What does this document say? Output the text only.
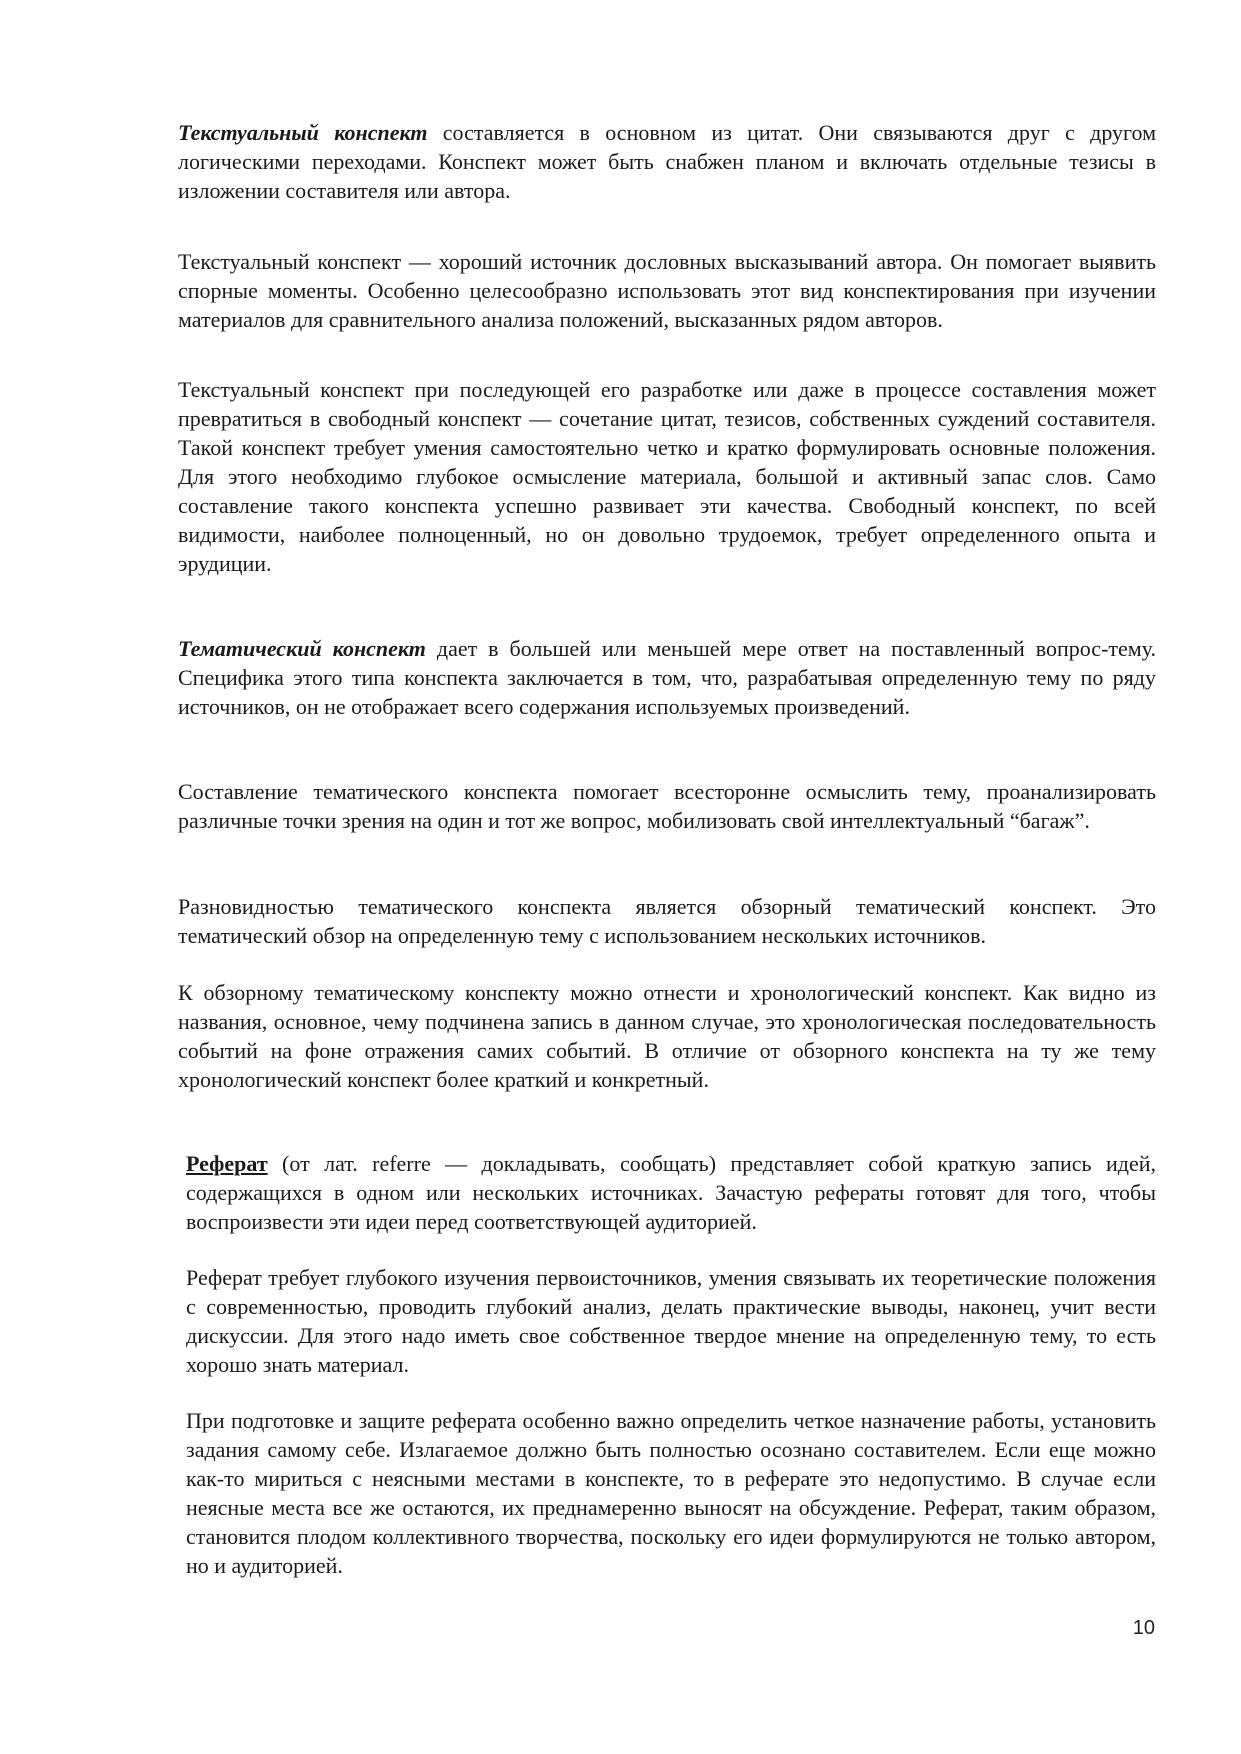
Текстуальный конспект составляется в основном из цитат. Они связываются друг с другом логическими переходами. Конспект может быть снабжен планом и включать отдельные тезисы в изложении составителя или автора.

Текстуальный конспект — хороший источник дословных высказываний автора. Он помогает выявить спорные моменты. Особенно целесообразно использовать этот вид конспектирования при изучении материалов для сравнительного анализа положений, высказанных рядом авторов.

Текстуальный конспект при последующей его разработке или даже в процессе составления может превратиться в свободный конспект — сочетание цитат, тезисов, собственных суждений составителя. Такой конспект требует умения самостоятельно четко и кратко формулировать основные положения. Для этого необходимо глубокое осмысление материала, большой и активный запас слов. Само составление такого конспекта успешно развивает эти качества. Свободный конспект, по всей видимости, наиболее полноценный, но он довольно трудоемок, требует определенного опыта и эрудиции.

Тематический конспект дает в большей или меньшей мере ответ на поставленный вопрос-тему. Специфика этого типа конспекта заключается в том, что, разрабатывая определенную тему по ряду источников, он не отображает всего содержания используемых произведений.

Составление тематического конспекта помогает всесторонне осмыслить тему, проанализировать различные точки зрения на один и тот же вопрос, мобилизовать свой интеллектуальный “багаж”.

Разновидностью тематического конспекта является обзорный тематический конспект. Это тематический обзор на определенную тему с использованием нескольких источников.

К обзорному тематическому конспекту можно отнести и хронологический конспект. Как видно из названия, основное, чему подчинена запись в данном случае, это хронологическая последовательность событий на фоне отражения самих событий. В отличие от обзорного конспекта на ту же тему хронологический конспект более краткий и конкретный.

Реферат (от лат. referre — докладывать, сообщать) представляет собой краткую запись идей, содержащихся в одном или нескольких источниках. Зачастую рефераты готовят для того, чтобы воспроизвести эти идеи перед соответствующей аудиторией.

Реферат требует глубокого изучения первоисточников, умения связывать их теоретические положения с современностью, проводить глубокий анализ, делать практические выводы, наконец, учит вести дискуссии. Для этого надо иметь свое собственное твердое мнение на определенную тему, то есть хорошо знать материал.

При подготовке и защите реферата особенно важно определить четкое назначение работы, установить задания самому себе. Излагаемое должно быть полностью осознано составителем. Если еще можно как-то мириться с неясными местами в конспекте, то в реферате это недопустимо. В случае если неясные места все же остаются, их преднамеренно выносят на обсуждение. Реферат, таким образом, становится плодом коллективного творчества, поскольку его идеи формулируются не только автором, но и аудиторией.

10
